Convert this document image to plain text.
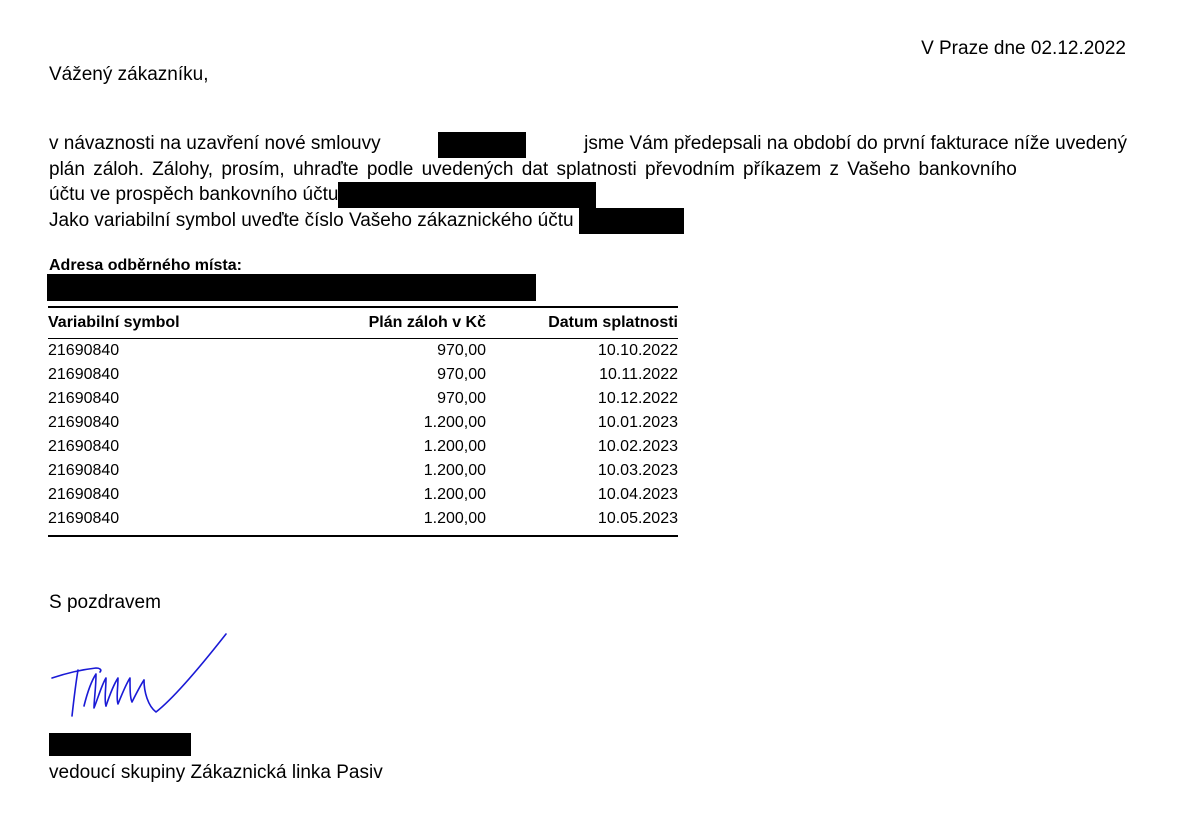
V Praze dne 02.12.2022
Vážený zákazníku,
v návaznosti na uzavření nové smlouvy	jsme Vám předepsali na období do první fakturace níže uvedený
plán záloh. Zálohy, prosím, uhraďte podle uvedených dat splatnosti převodním příkazem z Vašeho bankovního
účtu ve prospěch bankovního účtu
Jako variabilní symbol uveďte číslo Vašeho zákaznického účtu
Adresa odběrného místa:
Variabilní symbol	Plán záloh v Kč	Datum splatnosti
21690840	970,00	10.10.2022
21690840	970,00	10.11.2022
21690840	970,00	10.12.2022
21690840	1.200,00	10.01.2023
21690840	1.200,00	10.02.2023
21690840	1.200,00	10.03.2023
21690840	1.200,00	10.04.2023
21690840	1.200,00	10.05.2023
S pozdravem
vedoucí skupiny Zákaznická linka Pasiv
